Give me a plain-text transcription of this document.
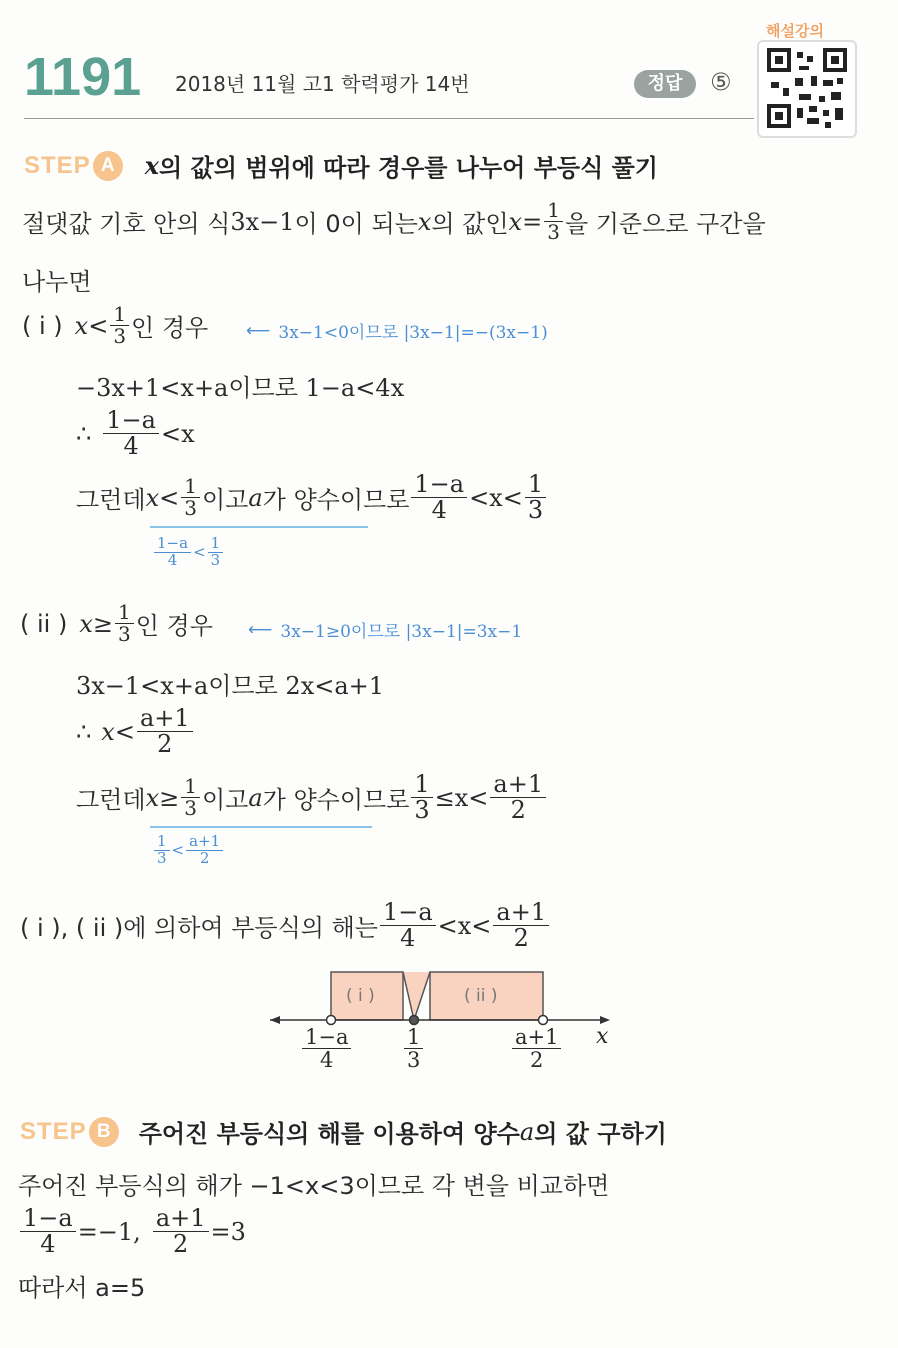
1191 2018년 11월 고1 학력평가 14번	정답	⑤
해설강의
STEP A	x 의 값의 범위에 따라 경우를 나누어 부등식 풀기
절댓값 기호 안의 식 3x−1 이 0이 되는 x 의 값인 $x= \frac{1}{3}$ 을 기준으로 구간을
나누면
( i ) $x< \frac{1}{3}$ 인 경우 ⟵ 3x−1<0이므로 |3x−1|=−(3x−1)
−3x+1<x+a이므로 1−a<4x
∴ $\frac{1-a}{4} <x$
그런데 $x< \frac{1}{3}$ 이고 a 가 양수이므로 $\frac{1-a}{4} <x< \frac{1}{3}$
$\frac{1-a}{4} < \frac{1}{3}$
( ii ) $x\ge \frac{1}{3}$ 인 경우 ⟵ 3x−1≥0이므로 |3x−1|=3x−1
3x−1<x+a이므로 2x<a+1
∴ $x< \frac{a+1}{2}$
그런데 $x\ge \frac{1}{3}$ 이고 a 가 양수이므로 $\frac{1}{3} \le x< \frac{a+1}{2}$
$\frac{1}{3} < \frac{a+1}{2}$
( i ), ( ii )에 의하여 부등식의 해는 $\frac{1-a}{4} <x< \frac{a+1}{2}$
( i )	( ii )
x
$\frac{1-a}{4}$	$\frac{1}{3}$	$\frac{a+1}{2}$
STEP B	주어진 부등식의 해를 이용하여 양수 a 의 값 구하기
주어진 부등식의 해가 −1<x<3이므로 각 변을 비교하면
$\frac{1-a}{4} =-1$, $\frac{a+1}{2} =3$
따라서 a=5
